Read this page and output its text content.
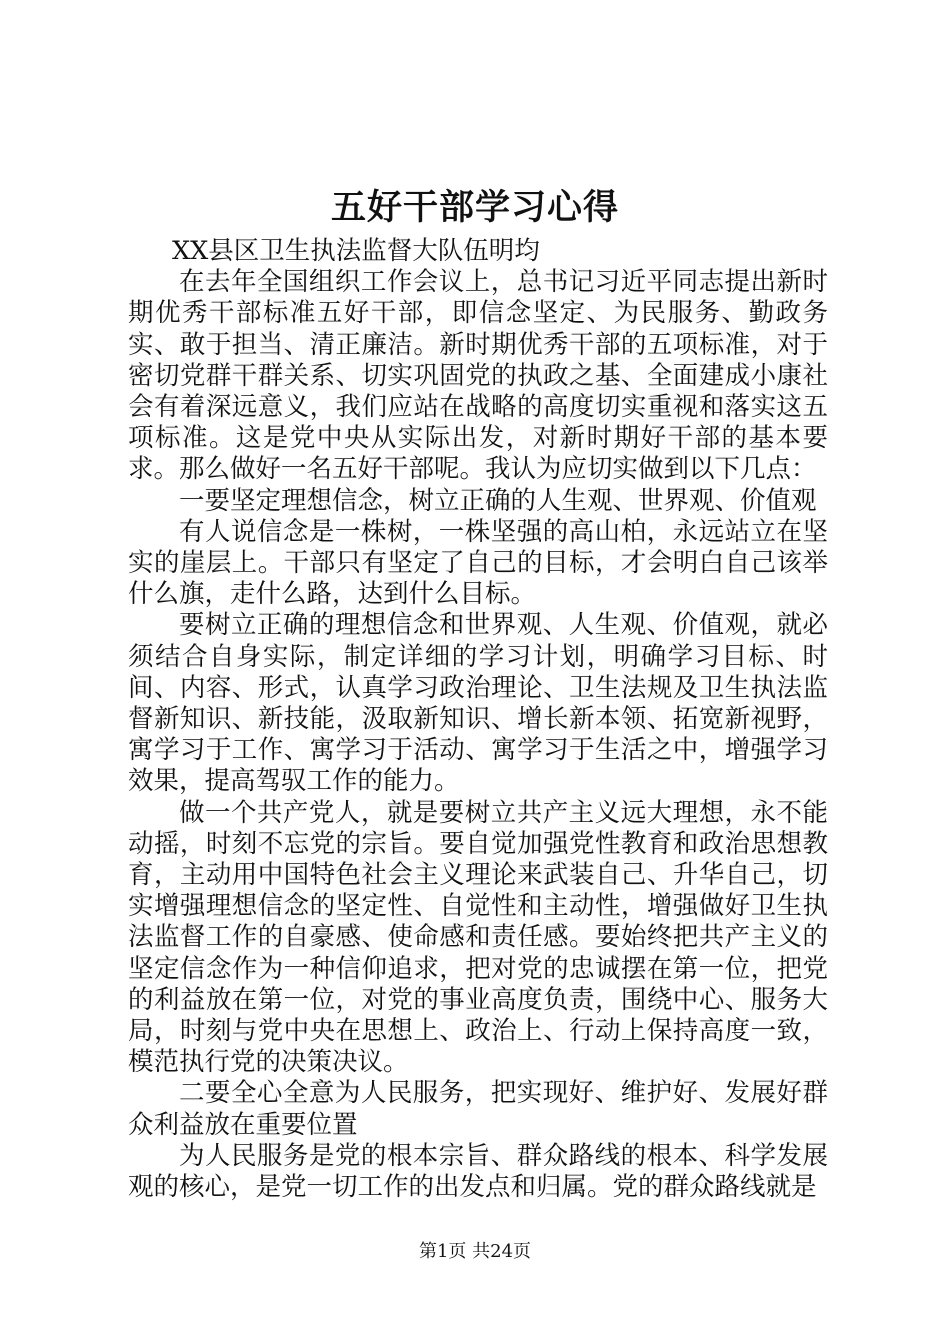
五好干部学习心得

XX县区卫生执法监督大队伍明均

在去年全国组织工作会议上，总书记习近平同志提出新时期优秀干部标准五好干部，即信念坚定、为民服务、勤政务实、敢于担当、清正廉洁。新时期优秀干部的五项标准，对于密切党群干群关系、切实巩固党的执政之基、全面建成小康社会有着深远意义，我们应站在战略的高度切实重视和落实这五项标准。这是党中央从实际出发，对新时期好干部的基本要求。那么做好一名五好干部呢。我认为应切实做到以下几点：

一要坚定理想信念，树立正确的人生观、世界观、价值观

有人说信念是一株树，一株坚强的高山柏，永远站立在坚实的崖层上。干部只有坚定了自己的目标，才会明白自己该举什么旗，走什么路，达到什么目标。

要树立正确的理想信念和世界观、人生观、价值观，就必须结合自身实际，制定详细的学习计划，明确学习目标、时间、内容、形式，认真学习政治理论、卫生法规及卫生执法监督新知识、新技能，汲取新知识、增长新本领、拓宽新视野，寓学习于工作、寓学习于活动、寓学习于生活之中，增强学习效果，提高驾驭工作的能力。

做一个共产党人，就是要树立共产主义远大理想，永不能动摇，时刻不忘党的宗旨。要自觉加强党性教育和政治思想教育，主动用中国特色社会主义理论来武装自己、升华自己，切实增强理想信念的坚定性、自觉性和主动性，增强做好卫生执法监督工作的自豪感、使命感和责任感。要始终把共产主义的坚定信念作为一种信仰追求，把对党的忠诚摆在第一位，把党的利益放在第一位，对党的事业高度负责，围绕中心、服务大局，时刻与党中央在思想上、政治上、行动上保持高度一致，模范执行党的决策决议。

二要全心全意为人民服务，把实现好、维护好、发展好群众利益放在重要位置

为人民服务是党的根本宗旨、群众路线的根本、科学发展观的核心，是党一切工作的出发点和归属。党的群众路线就是

第1页 共24页
